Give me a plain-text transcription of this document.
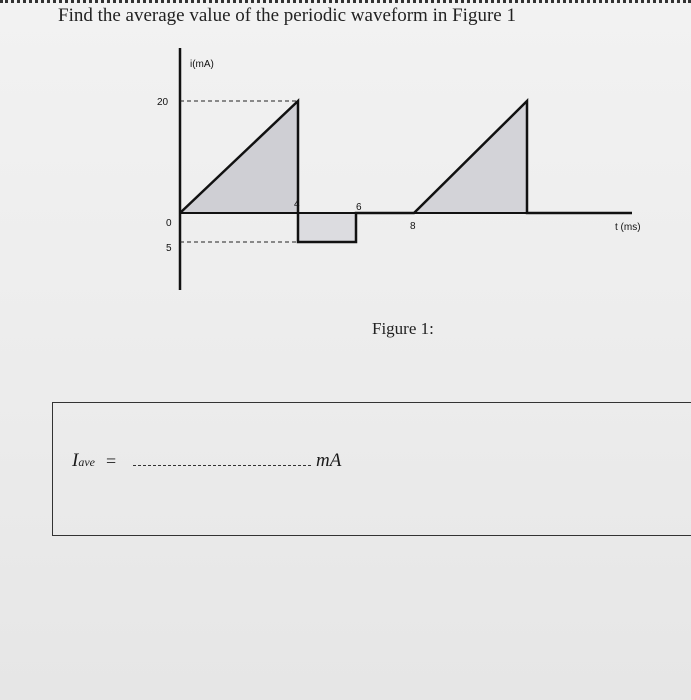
Find the average value of the periodic waveform in Figure 1
i(mA)
20
0
5
4	6
8	t (ms)
Figure 1:
Iave =	mA
